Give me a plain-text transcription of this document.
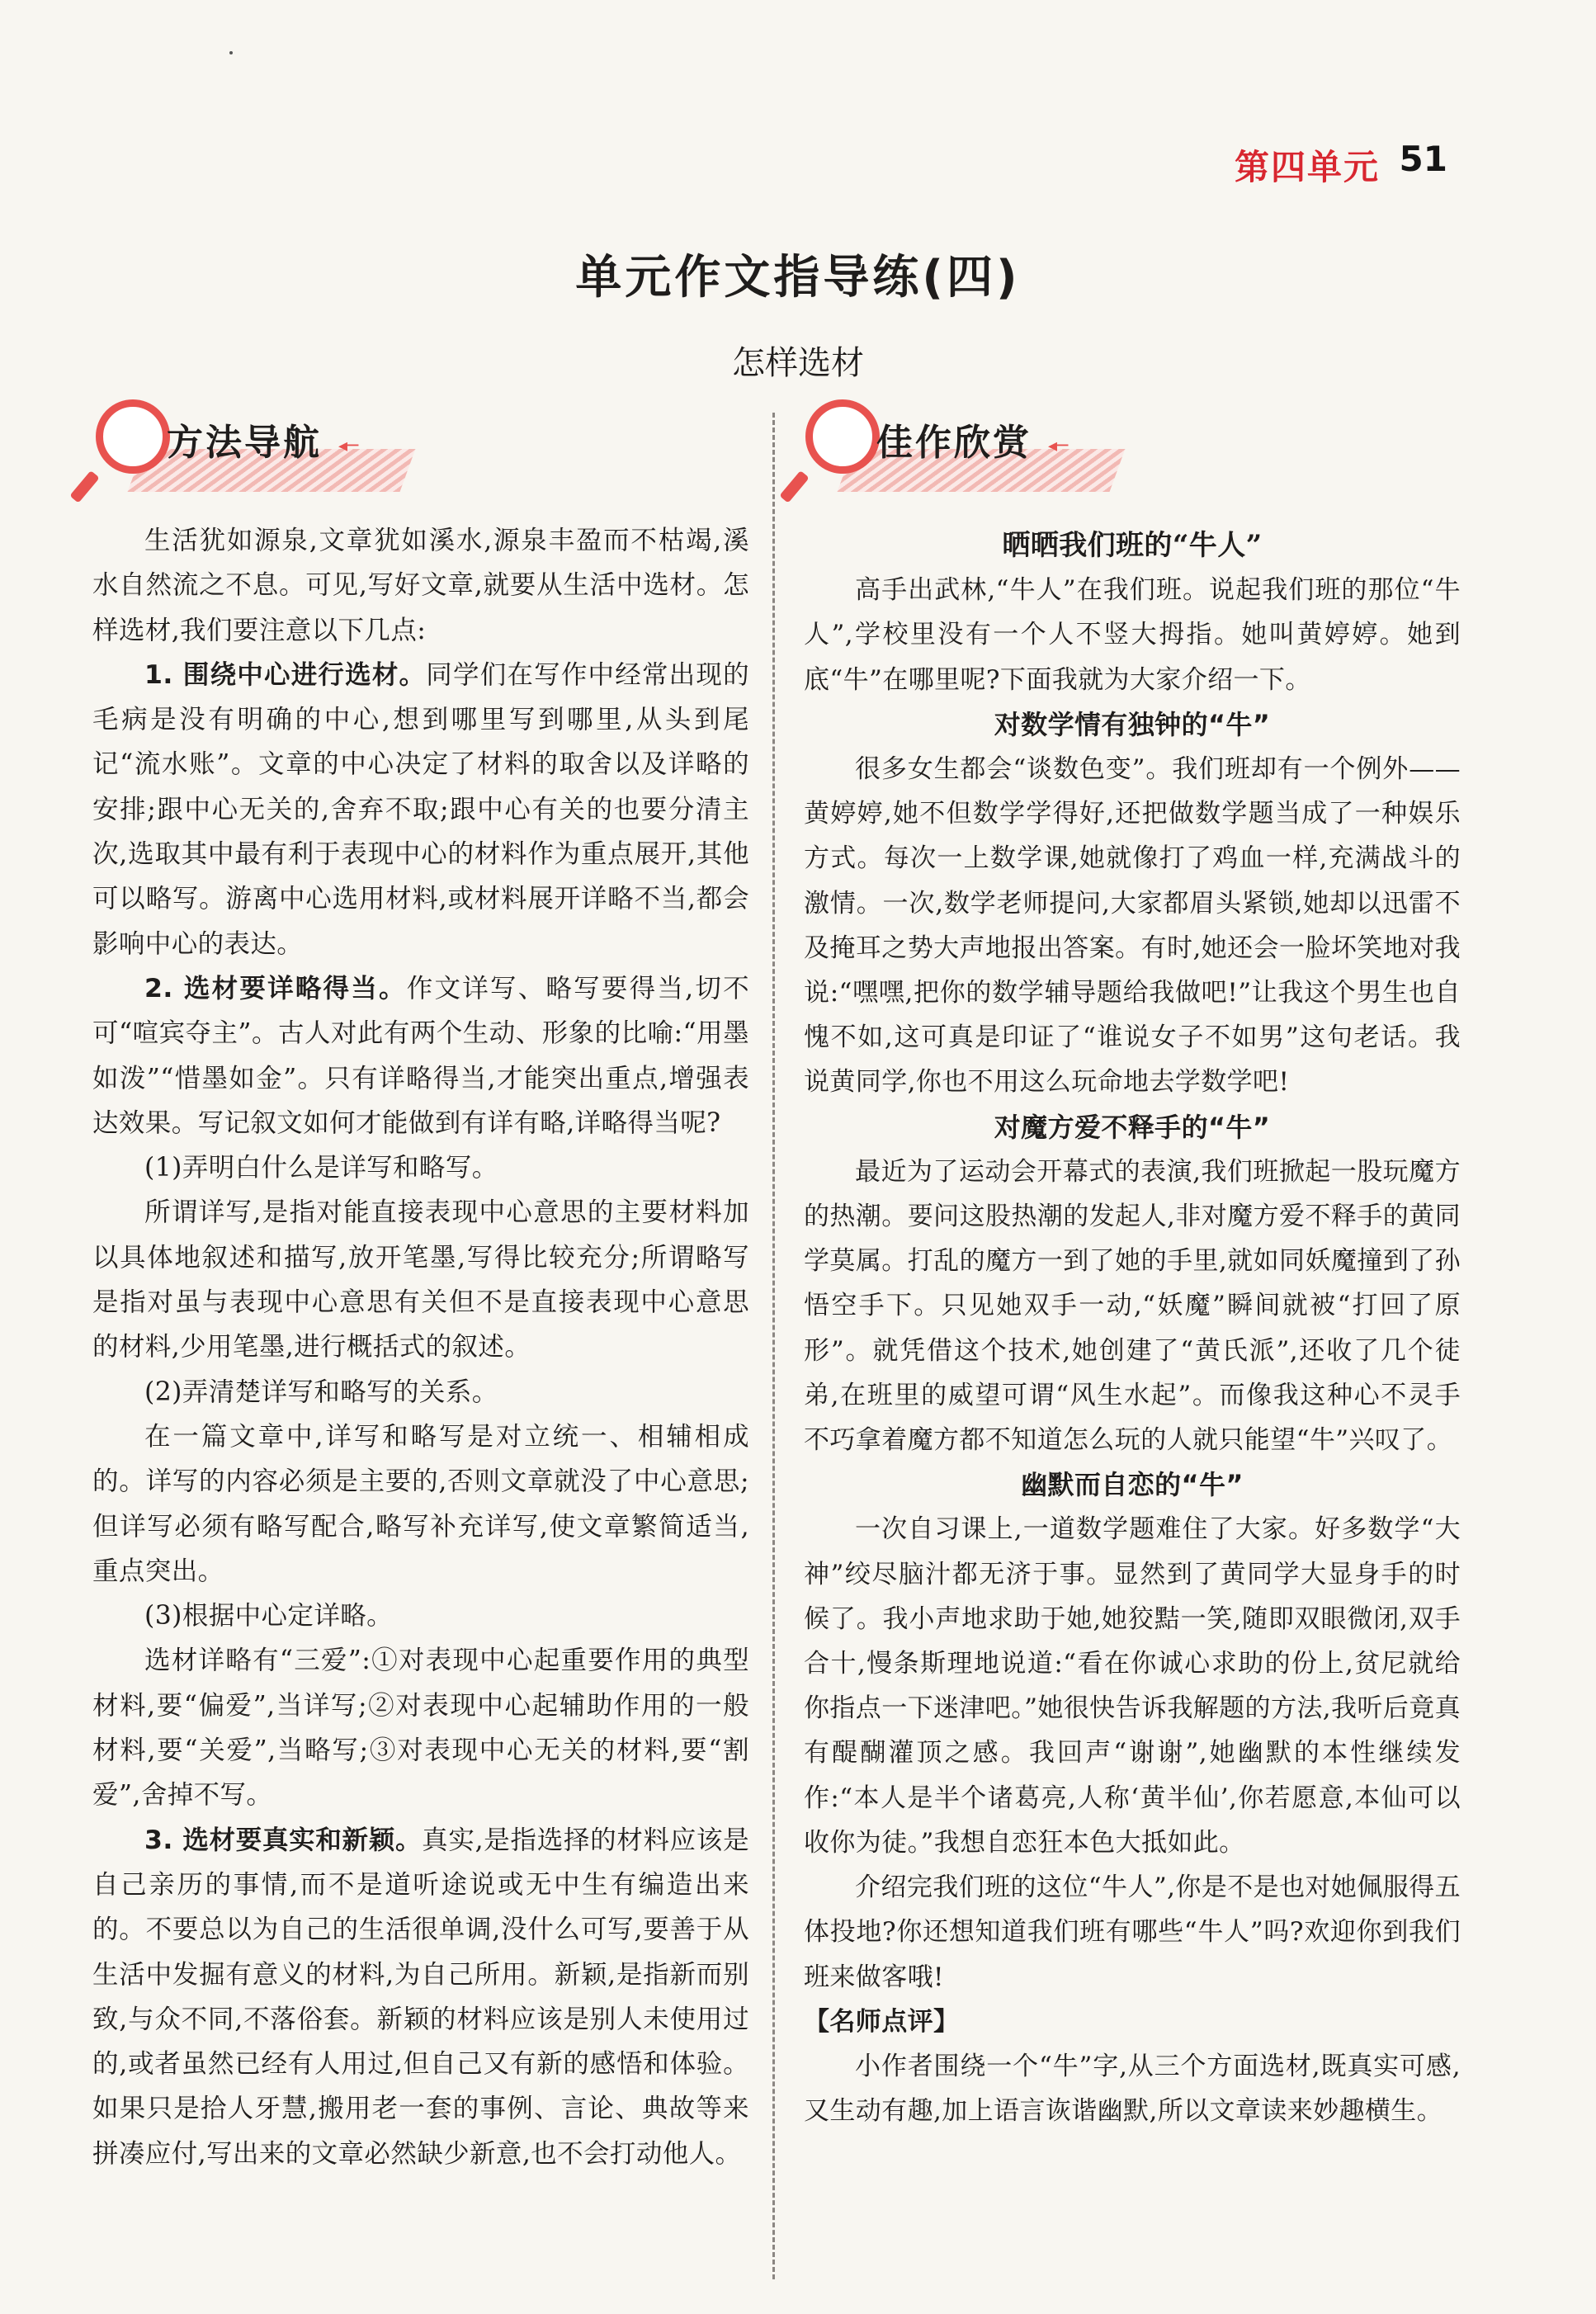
第四单元 51
单元作文指导练(四)
怎样选材
方法导航 ◂─

生活犹如源泉,文章犹如溪水,源泉丰盈而不枯竭,溪水自然流之不息。可见,写好文章,就要从生活中选材。怎样选材,我们要注意以下几点:

1. 围绕中心进行选材。同学们在写作中经常出现的毛病是没有明确的中心,想到哪里写到哪里,从头到尾记“流水账”。文章的中心决定了材料的取舍以及详略的安排;跟中心无关的,舍弃不取;跟中心有关的也要分清主次,选取其中最有利于表现中心的材料作为重点展开,其他可以略写。游离中心选用材料,或材料展开详略不当,都会影响中心的表达。

2. 选材要详略得当。作文详写、略写要得当,切不可“喧宾夺主”。古人对此有两个生动、形象的比喻:“用墨如泼”“惜墨如金”。只有详略得当,才能突出重点,增强表达效果。写记叙文如何才能做到有详有略,详略得当呢?

(1)弄明白什么是详写和略写。

所谓详写,是指对能直接表现中心意思的主要材料加以具体地叙述和描写,放开笔墨,写得比较充分;所谓略写是指对虽与表现中心意思有关但不是直接表现中心意思的材料,少用笔墨,进行概括式的叙述。

(2)弄清楚详写和略写的关系。

在一篇文章中,详写和略写是对立统一、相辅相成的。详写的内容必须是主要的,否则文章就没了中心意思;但详写必须有略写配合,略写补充详写,使文章繁简适当,重点突出。

(3)根据中心定详略。

选材详略有“三爱”:①对表现中心起重要作用的典型材料,要“偏爱”,当详写;②对表现中心起辅助作用的一般材料,要“关爱”,当略写;③对表现中心无关的材料,要“割爱”,舍掉不写。

3. 选材要真实和新颖。真实,是指选择的材料应该是自己亲历的事情,而不是道听途说或无中生有编造出来的。不要总以为自己的生活很单调,没什么可写,要善于从生活中发掘有意义的材料,为自己所用。新颖,是指新而别致,与众不同,不落俗套。新颖的材料应该是别人未使用过的,或者虽然已经有人用过,但自己又有新的感悟和体验。如果只是拾人牙慧,搬用老一套的事例、言论、典故等来拼凑应付,写出来的文章必然缺少新意,也不会打动他人。

佳作欣赏 ◂─

晒晒我们班的“牛人”

高手出武林,“牛人”在我们班。说起我们班的那位“牛人”,学校里没有一个人不竖大拇指。她叫黄婷婷。她到底“牛”在哪里呢?下面我就为大家介绍一下。

对数学情有独钟的“牛”

很多女生都会“谈数色变”。我们班却有一个例外——黄婷婷,她不但数学学得好,还把做数学题当成了一种娱乐方式。每次一上数学课,她就像打了鸡血一样,充满战斗的激情。一次,数学老师提问,大家都眉头紧锁,她却以迅雷不及掩耳之势大声地报出答案。有时,她还会一脸坏笑地对我说:“嘿嘿,把你的数学辅导题给我做吧!”让我这个男生也自愧不如,这可真是印证了“谁说女子不如男”这句老话。我说黄同学,你也不用这么玩命地去学数学吧!

对魔方爱不释手的“牛”

最近为了运动会开幕式的表演,我们班掀起一股玩魔方的热潮。要问这股热潮的发起人,非对魔方爱不释手的黄同学莫属。打乱的魔方一到了她的手里,就如同妖魔撞到了孙悟空手下。只见她双手一动,“妖魔”瞬间就被“打回了原形”。就凭借这个技术,她创建了“黄氏派”,还收了几个徒弟,在班里的威望可谓“风生水起”。而像我这种心不灵手不巧拿着魔方都不知道怎么玩的人就只能望“牛”兴叹了。

幽默而自恋的“牛”

一次自习课上,一道数学题难住了大家。好多数学“大神”绞尽脑汁都无济于事。显然到了黄同学大显身手的时候了。我小声地求助于她,她狡黠一笑,随即双眼微闭,双手合十,慢条斯理地说道:“看在你诚心求助的份上,贫尼就给你指点一下迷津吧。”她很快告诉我解题的方法,我听后竟真有醍醐灌顶之感。我回声“谢谢”,她幽默的本性继续发作:“本人是半个诸葛亮,人称‘黄半仙’,你若愿意,本仙可以收你为徒。”我想自恋狂本色大抵如此。

介绍完我们班的这位“牛人”,你是不是也对她佩服得五体投地?你还想知道我们班有哪些“牛人”吗?欢迎你到我们班来做客哦!

【名师点评】

小作者围绕一个“牛”字,从三个方面选材,既真实可感,又生动有趣,加上语言诙谐幽默,所以文章读来妙趣横生。
